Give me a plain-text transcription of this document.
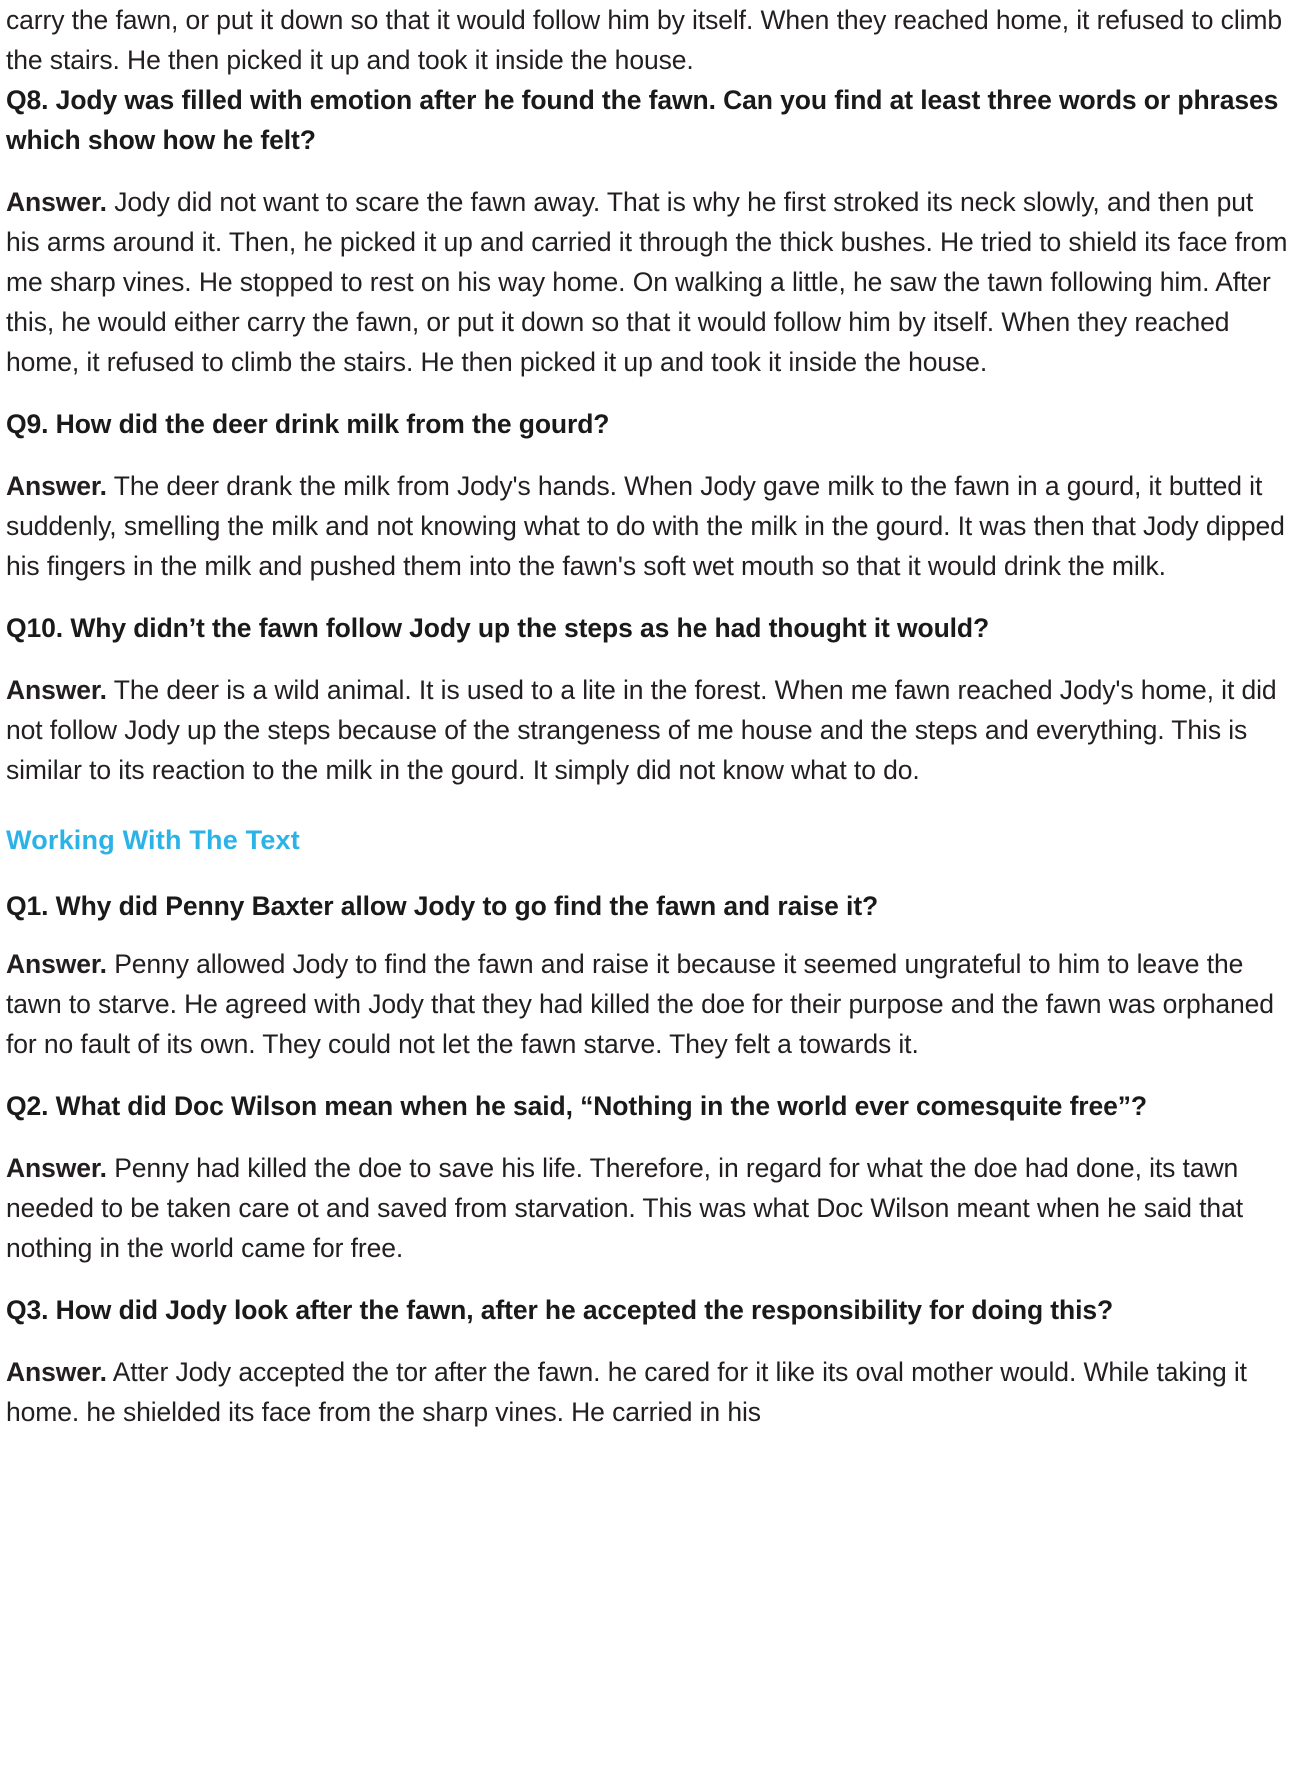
carry the fawn, or put it down so that it would follow him by itself. When they reached home, it refused to climb the stairs. He then picked it up and took it inside the house.

Q8. Jody was filled with emotion after he found the fawn. Can you find at least three words or phrases which show how he felt?

Answer. Jody did not want to scare the fawn away. That is why he first stroked its neck slowly, and then put his arms around it. Then, he picked it up and carried it through the thick bushes. He tried to shield its face from me sharp vines. He stopped to rest on his way home. On walking a little, he saw the tawn following him. After this, he would either carry the fawn, or put it down so that it would follow him by itself. When they reached home, it refused to climb the stairs. He then picked it up and took it inside the house.

Q9. How did the deer drink milk from the gourd?

Answer. The deer drank the milk from Jody's hands. When Jody gave milk to the fawn in a gourd, it butted it suddenly, smelling the milk and not knowing what to do with the milk in the gourd. It was then that Jody dipped his fingers in the milk and pushed them into the fawn's soft wet mouth so that it would drink the milk.

Q10. Why didn’t the fawn follow Jody up the steps as he had thought it would?

Answer. The deer is a wild animal. It is used to a lite in the forest. When me fawn reached Jody's home, it did not follow Jody up the steps because of the strangeness of me house and the steps and everything. This is similar to its reaction to the milk in the gourd. It simply did not know what to do.

Working With The Text
Q1. Why did Penny Baxter allow Jody to go find the fawn and raise it?

Answer. Penny allowed Jody to find the fawn and raise it because it seemed ungrateful to him to leave the tawn to starve. He agreed with Jody that they had killed the doe for their purpose and the fawn was orphaned for no fault of its own. They could not let the fawn starve. They felt a towards it.

Q2. What did Doc Wilson mean when he said, “Nothing in the world ever comesquite free”?

Answer. Penny had killed the doe to save his life. Therefore, in regard for what the doe had done, its tawn needed to be taken care ot and saved from starvation. This was what Doc Wilson meant when he said that nothing in the world came for free.

Q3. How did Jody look after the fawn, after he accepted the responsibility for doing this?

Answer. Atter Jody accepted the tor after the fawn. he cared for it like its oval mother would. While taking it home. he shielded its face from the sharp vines. He carried in his
